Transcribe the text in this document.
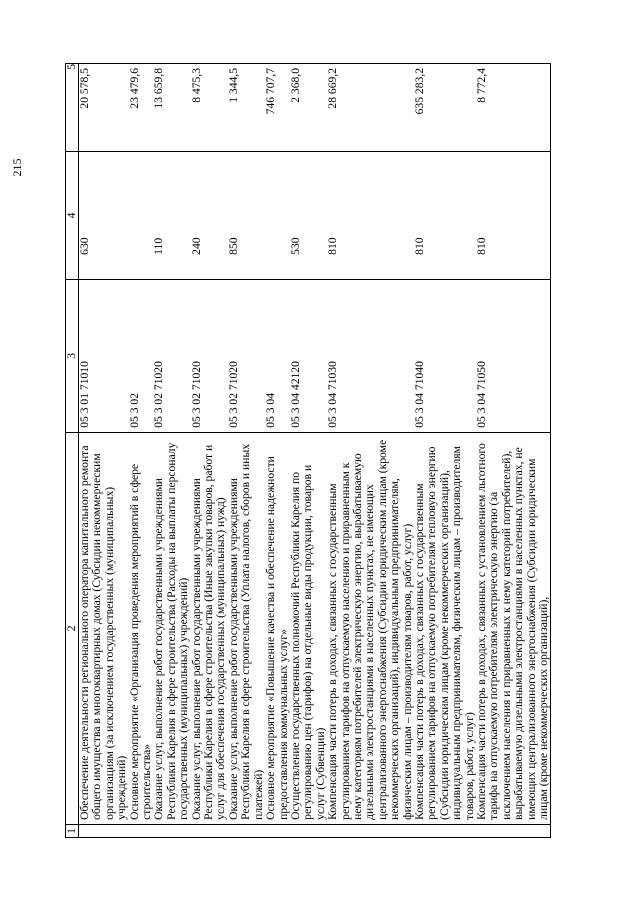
215
1	2	3	4	5
	Обеспечение деятельности регионального оператора капитального ремонта общего имущества в многоквартирных домах (Субсидии некоммерческим организациям (за исключением государственных (муниципальных) учреждений)	05 3 01 71010	630	20 578,5
	Основное мероприятие «Организация проведения мероприятий в сфере строительства»	05 3 02		23 479,6
	Оказание услуг, выполнение работ государственными учреждениями Республики Карелия в сфере строительства (Расходы на выплаты персоналу государственных (муниципальных) учреждений)	05 3 02 71020	110	13 659,8
	Оказание услуг, выполнение работ государственными учреждениями Республики Карелия в сфере строительства (Иные закупки товаров, работ и услуг для обеспечения государственных (муниципальных) нужд)	05 3 02 71020	240	8 475,3
	Оказание услуг, выполнение работ государственными учреждениями Республики Карелия в сфере строительства (Уплата налогов, сборов и иных платежей)	05 3 02 71020	850	1 344,5
	Основное мероприятие «Повышение качества и обеспечение надежности предоставления коммунальных услуг»	05 3 04		746 707,7
	Осуществление государственных полномочий Республики Карелия по регулированию цен (тарифов) на отдельные виды продукции, товаров и услуг (Субвенции)	05 3 04 42120	530	2 368,0
	Компенсация части потерь в доходах, связанных с государственным регулированием тарифов на отпускаемую населению и приравненным к нему категориям потребителей электрическую энергию, вырабатываемую дизельными электростанциями в населенных пунктах, не имеющих централизованного энергоснабжения (Субсидии юридическим лицам (кроме некоммерческих организаций), индивидуальным предпринимателям, физическим лицам – производителям товаров, работ, услуг)	05 3 04 71030	810	28 669,2
	Компенсация части потерь в доходах, связанных с государственным регулированием тарифов на отпускаемую потребителям тепловую энергию (Субсидии юридическим лицам (кроме некоммерческих организаций), индивидуальным предпринимателям, физическим лицам – производителям товаров, работ, услуг)	05 3 04 71040	810	635 283,2
	Компенсация части потерь в доходах, связанных с установлением льготного тарифа на отпускаемую потребителям электрическую энергию (за исключением населения и приравненных к нему категорий потребителей), вырабатываемую дизельными электростанциями в населенных пунктах, не имеющих централизованного энергоснабжения (Субсидии юридическим лицам (кроме некоммерческих организаций),	05 3 04 71050	810	8 772,4
